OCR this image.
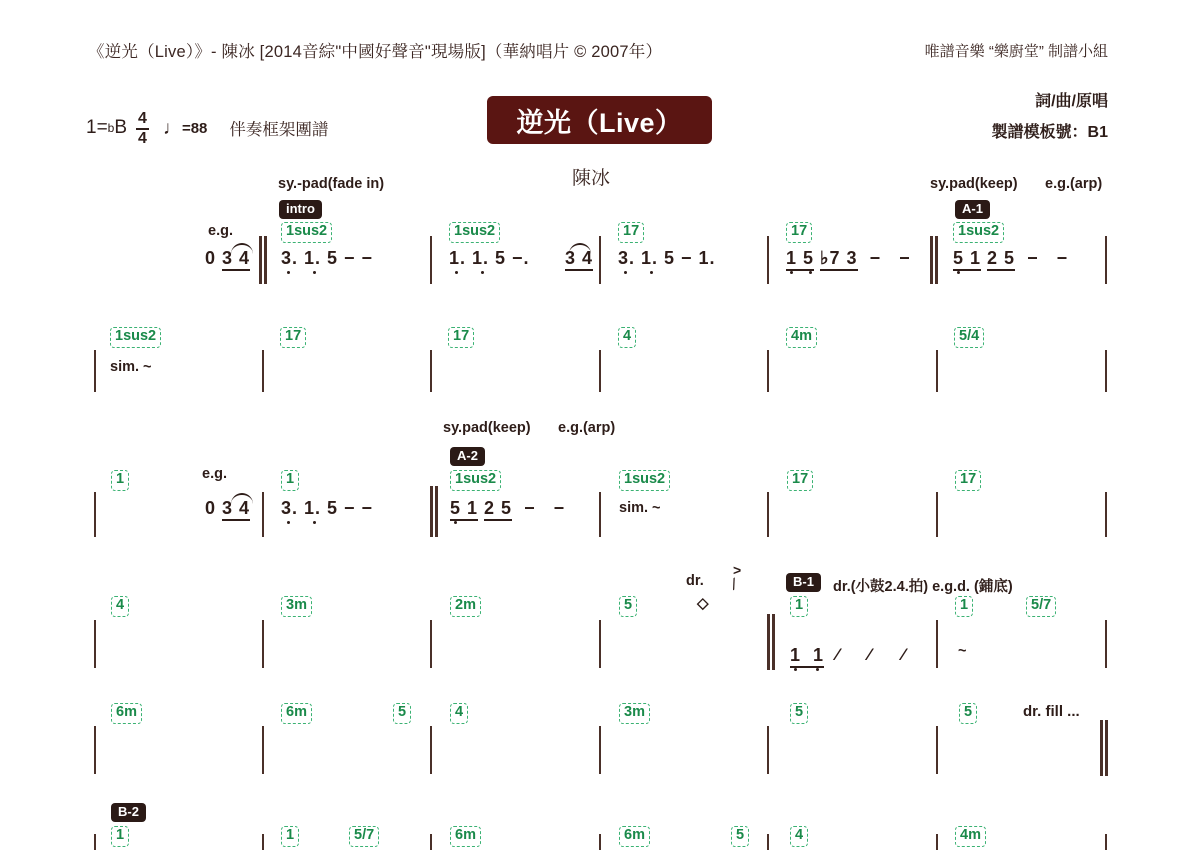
《逆光（Live）》- 陳冰 [2014音綜"中國好聲音"現場版]（華納唱片 © 2007年）	唯譜音樂 “樂廚堂” 制譜小組
詞/曲/原唱
製譜模板號：B1
逆光（Live）
陳冰
1= b B $\frac{4}{4}$ ♩=88 伴奏框架團譜
sy.-pad(fade in)
intro
sy.pad(keep) e.g.(arp)
A-1
e.g.	1sus2	1sus2	17	17	1sus2
0 3 4 3. 1. 5 − −	1. 1. 5 −. 3 4 3. 1. 5 − 1.	1 5 ♭7 3  −   − 5 1 2 5  −   −
1sus2	17	17	4	4m	5/4
sim. ~
sy.pad(keep) e.g.(arp)
A-2
1	e.g.	1	1sus2	1sus2	17	17
0 3 4 3. 1. 5 − −	5 1 2 5  −   −	sim. ~
dr.
>
∕
◇
B-1	dr.(小鼓2.4.拍) e.g.d. (鋪底)
4	3m	2m	5	1	1	5/7
1  1 ⁄ ⁄ ⁄	~
6m	6m	5	4	3m	5	5	dr. fill ...
B-2
1	1	5/7	6m	6m	5	4	4m
